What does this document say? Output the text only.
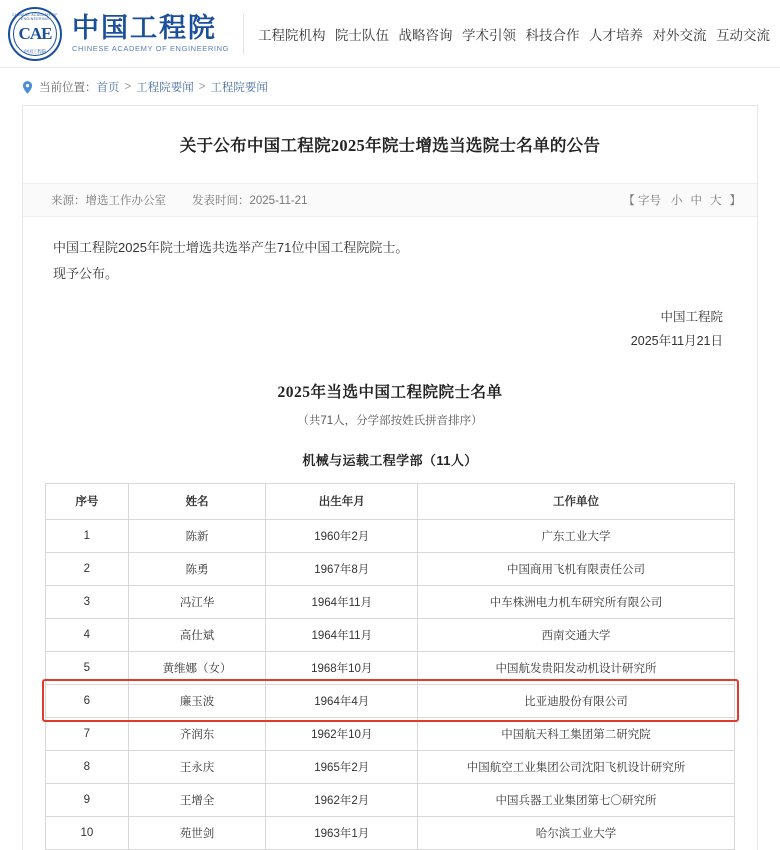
CHINESE ACADEMY OF ENGINEERING
CAE
中国工程院
中国工程院
CHINESE ACADEMY OF ENGINEERING
工程院机构 院士队伍 战略咨询 学术引领 科技合作 人才培养 对外交流 互动交流
当前位置： 首页 > 工程院要闻 > 工程院要闻
关于公布中国工程院2025年院士增选当选院士名单的公告
来源：增选工作办公室 发表时间：2025-11-21	【 字号 小 中 大 】
中国工程院2025年院士增选共选举产生71位中国工程院院士。
现予公布。
中国工程院
2025年11月21日
2025年当选中国工程院院士名单
（共71人，分学部按姓氏拼音排序）
机械与运载工程学部（11人）
序号	姓名	出生年月	工作单位
1	陈新	1960年2月	广东工业大学
2	陈勇	1967年8月	中国商用飞机有限责任公司
3	冯江华	1964年11月	中车株洲电力机车研究所有限公司
4	高仕斌	1964年11月	西南交通大学
5	黄维娜（女）	1968年10月	中国航发贵阳发动机设计研究所
6	廉玉波	1964年4月	比亚迪股份有限公司
7	齐润东	1962年10月	中国航天科工集团第二研究院
8	王永庆	1965年2月	中国航空工业集团公司沈阳飞机设计研究所
9	王增全	1962年2月	中国兵器工业集团第七〇研究所
10	苑世剑	1963年1月	哈尔滨工业大学
